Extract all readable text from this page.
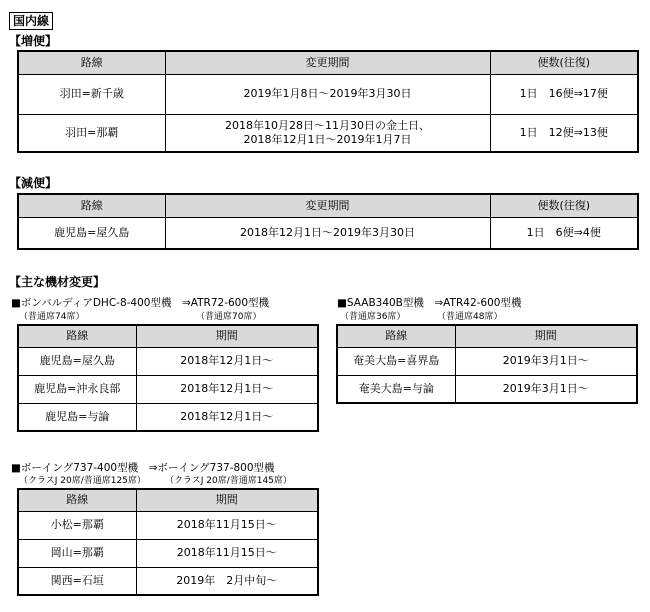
国内線
【増便】
路線	変更期間	便数(往復)
羽田=新千歳	2019年1月8日～2019年3月30日	1日　16便⇒17便
羽田=那覇	2018年10月28日～11月30日の金土日、
2018年12月1日～2019年1月7日	1日　12便⇒13便
【減便】
路線	変更期間	便数(往復)
鹿児島=屋久島	2018年12月1日～2019年3月30日	1日　6便⇒4便
【主な機材変更】
■ボンバルディアDHC-8-400型機　⇒ATR72-600型機
（普通席74席）	（普通席70席）
路線	期間
鹿児島=屋久島	2018年12月1日～
鹿児島=沖永良部	2018年12月1日～
鹿児島=与論	2018年12月1日～
■SAAB340B型機　⇒ATR42-600型機
（普通席36席）	（普通席48席）
路線	期間
奄美大島=喜界島	2019年3月1日～
奄美大島=与論	2019年3月1日～
■ボーイング737-400型機　⇒ボーイング737-800型機
（クラスJ 20席/普通席125席） （クラスJ 20席/普通席145席）
路線	期間
小松=那覇	2018年11月15日～
岡山=那覇	2018年11月15日～
関西=石垣	2019年　2月中旬～
